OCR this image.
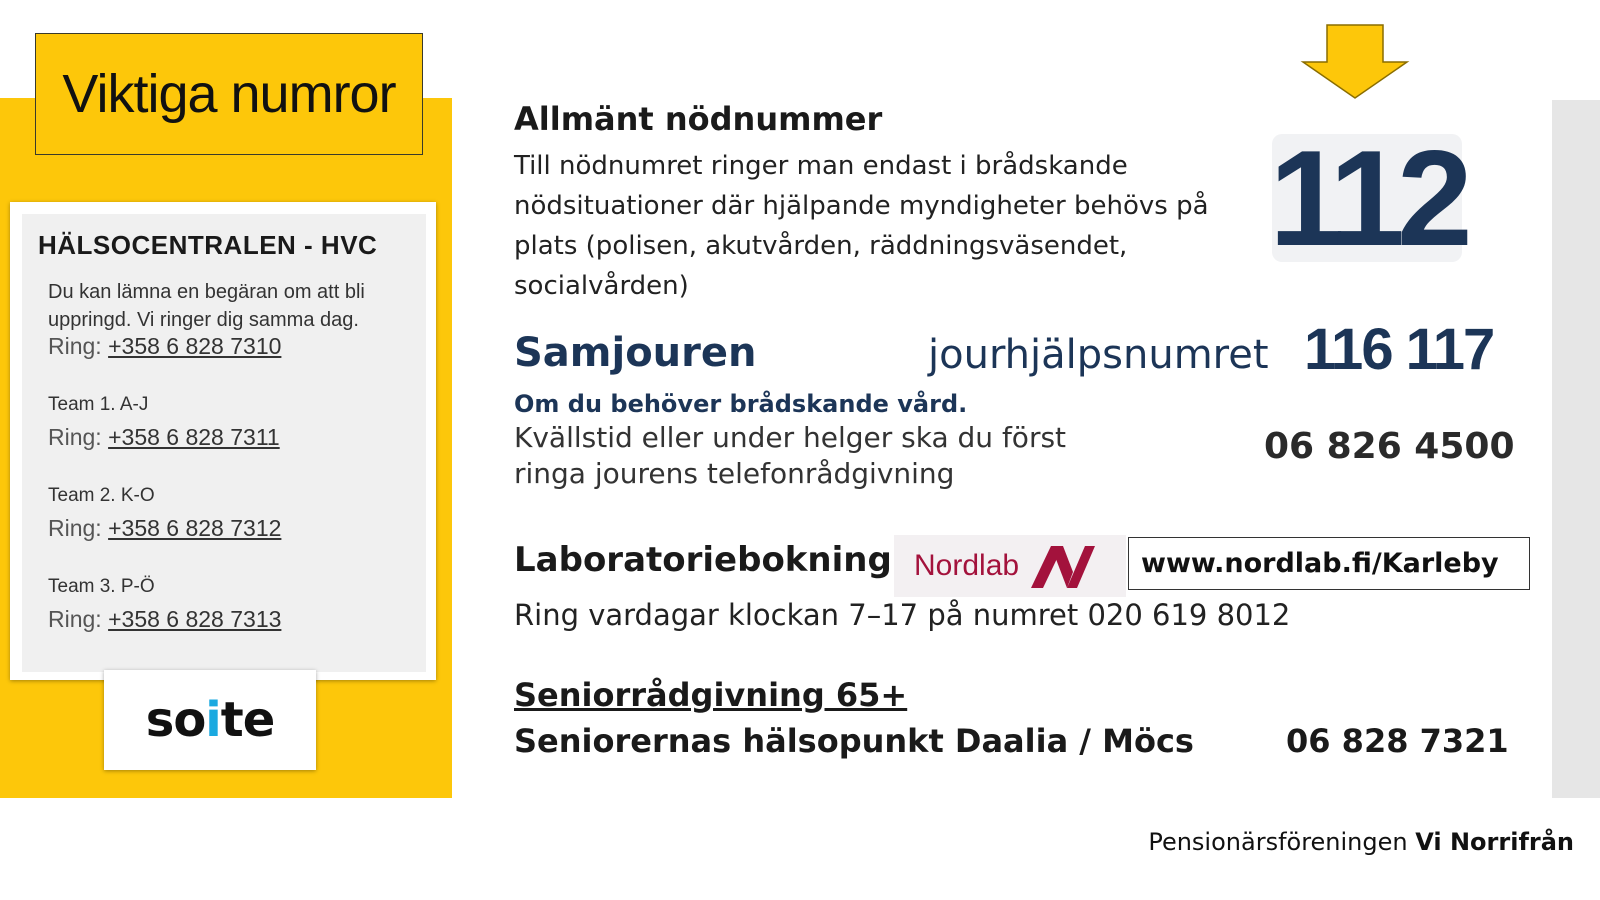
Viktiga numror
HÄLSOCENTRALEN - HVC
Du kan lämna en begäran om att bli uppringd. Vi ringer dig samma dag.
Ring: +358 6 828 7310
Team 1. A-J
Ring: +358 6 828 7311
Team 2. K-O
Ring: +358 6 828 7312
Team 3. P-Ö
Ring: +358 6 828 7313
soite
Allmänt nödnummer
Till nödnumret ringer man endast i brådskande nödsituationer där hjälpande myndigheter behövs på plats (polisen, akutvården, räddningsväsendet, socialvården)
112
Samjouren	jourhjälpsnumret 116 117
Om du behöver brådskande vård.
Kvällstid eller under helger ska du först ringa jourens telefonrådgivning
06 826 4500
Laboratoriebokning Nordlab	www.nordlab.fi/Karleby
Ring vardagar klockan 7–17 på numret 020 619 8012
Seniorrådgivning 65+
Seniorernas hälsopunkt Daalia / Möcs	06 828 7321
Pensionärsföreningen Vi Norrifrån
